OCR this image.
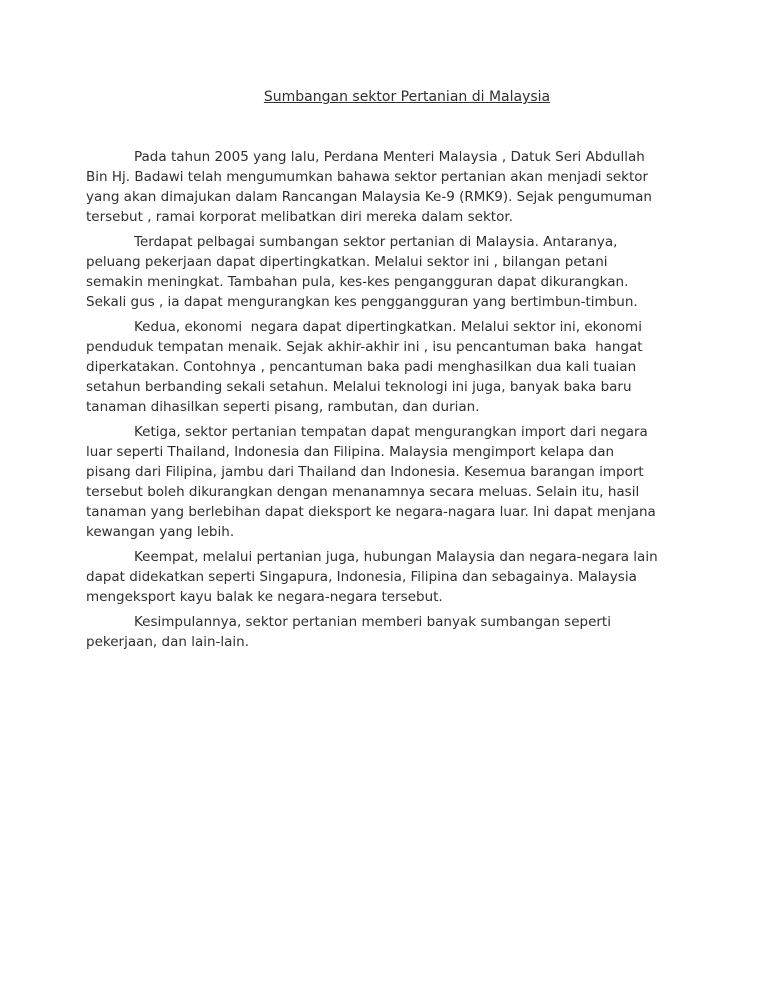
Sumbangan sektor Pertanian di Malaysia
Pada tahun 2005 yang lalu, Perdana Menteri Malaysia , Datuk Seri Abdullah
Bin Hj. Badawi telah mengumumkan bahawa sektor pertanian akan menjadi sektor
yang akan dimajukan dalam Rancangan Malaysia Ke-9 (RMK9). Sejak pengumuman
tersebut , ramai korporat melibatkan diri mereka dalam sektor.
Terdapat pelbagai sumbangan sektor pertanian di Malaysia. Antaranya,
peluang pekerjaan dapat dipertingkatkan. Melalui sektor ini , bilangan petani
semakin meningkat. Tambahan pula, kes-kes pengangguran dapat dikurangkan.
Sekali gus , ia dapat mengurangkan kes penggangguran yang bertimbun-timbun.
Kedua, ekonomi  negara dapat dipertingkatkan. Melalui sektor ini, ekonomi
penduduk tempatan menaik. Sejak akhir-akhir ini , isu pencantuman baka  hangat
diperkatakan. Contohnya , pencantuman baka padi menghasilkan dua kali tuaian
setahun berbanding sekali setahun. Melalui teknologi ini juga, banyak baka baru
tanaman dihasilkan seperti pisang, rambutan, dan durian.
Ketiga, sektor pertanian tempatan dapat mengurangkan import dari negara
luar seperti Thailand, Indonesia dan Filipina. Malaysia mengimport kelapa dan
pisang dari Filipina, jambu dari Thailand dan Indonesia. Kesemua barangan import
tersebut boleh dikurangkan dengan menanamnya secara meluas. Selain itu, hasil
tanaman yang berlebihan dapat dieksport ke negara-nagara luar. Ini dapat menjana
kewangan yang lebih.
Keempat, melalui pertanian juga, hubungan Malaysia dan negara-negara lain
dapat didekatkan seperti Singapura, Indonesia, Filipina dan sebagainya. Malaysia
mengeksport kayu balak ke negara-negara tersebut.
Kesimpulannya, sektor pertanian memberi banyak sumbangan seperti
pekerjaan, dan lain-lain.
